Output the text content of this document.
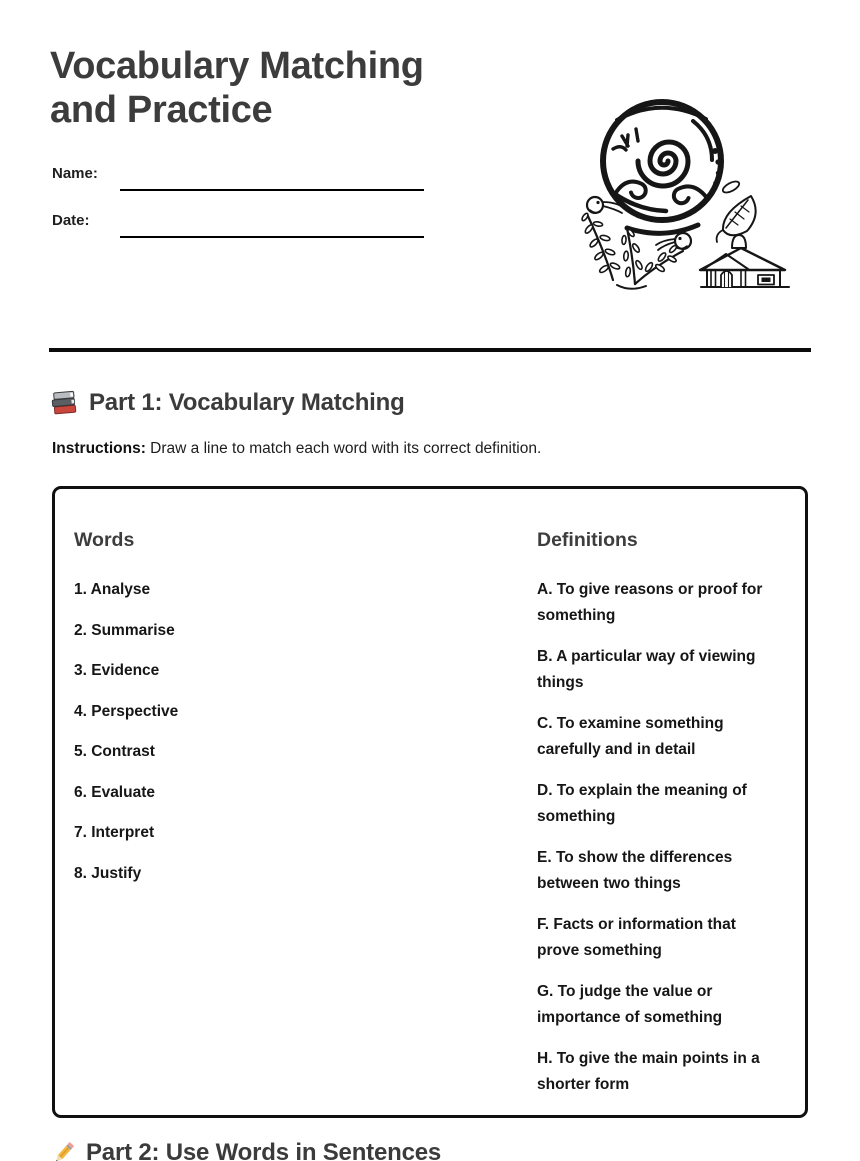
Vocabulary Matching
and Practice
Name:
Date:
Part 1: Vocabulary Matching
Instructions: Draw a line to match each word with its correct definition.
Words
1. Analyse
2. Summarise
3. Evidence
4. Perspective
5. Contrast
6. Evaluate
7. Interpret
8. Justify
Definitions
A. To give reasons or proof for something
B. A particular way of viewing things
C. To examine something carefully and in detail
D. To explain the meaning of something
E. To show the differences between two things
F. Facts or information that prove something
G. To judge the value or importance of something
H. To give the main points in a shorter form
Part 2: Use Words in Sentences
